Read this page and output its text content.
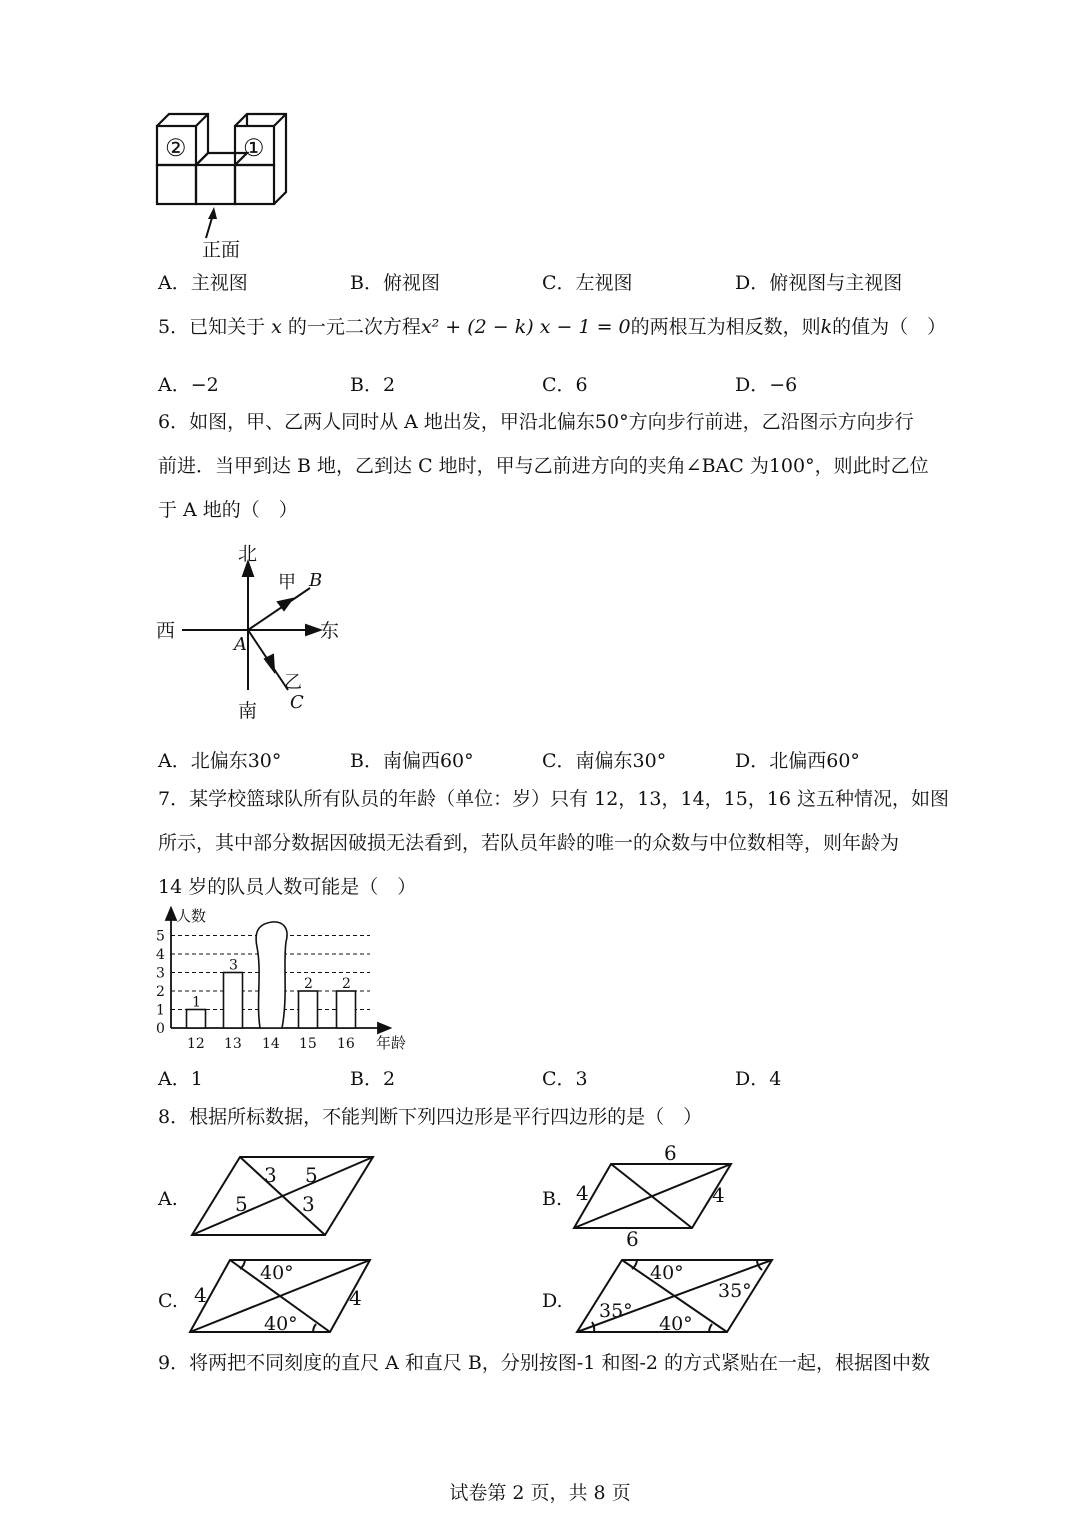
② ①
正面
A．主视图	B．俯视图	C．左视图	D．俯视图与主视图
5．已知关于 x 的一元二次方程x² + (2 − k) x − 1 = 0的两根互为相反数，则k的值为（　）
A．−2	B．2	C．6	D．−6
6．如图，甲、乙两人同时从 A 地出发，甲沿北偏东50°方向步行前进，乙沿图示方向步行
前进．当甲到达 B 地，乙到达 C 地时，甲与乙前进方向的夹角∠BAC 为100°，则此时乙位
于 A 地的（　）
北
南
西	东
A
甲 B
乙
C
A．北偏东30°	B．南偏西60°	C．南偏东30°	D．北偏西60°
7．某学校篮球队所有队员的年龄（单位：岁）只有 12，13，14，15，16 这五种情况，如图
所示，其中部分数据因破损无法看到，若队员年龄的唯一的众数与中位数相等，则年龄为
14 岁的队员人数可能是（　）
人数
年龄
0
1
2
3
4
5
1
12
3
13 14
2
15
2
16
A．1	B．2	C．3	D．4
8．根据所标数据，不能判断下列四边形是平行四边形的是（　）
A.
3 5
5	3	B.
6
4	4
6
C. 4	4
40°
40°
D.
40°
35°
35°
40°
9．将两把不同刻度的直尺 A 和直尺 B，分别按图-1 和图-2 的方式紧贴在一起，根据图中数
试卷第 2 页，共 8 页
